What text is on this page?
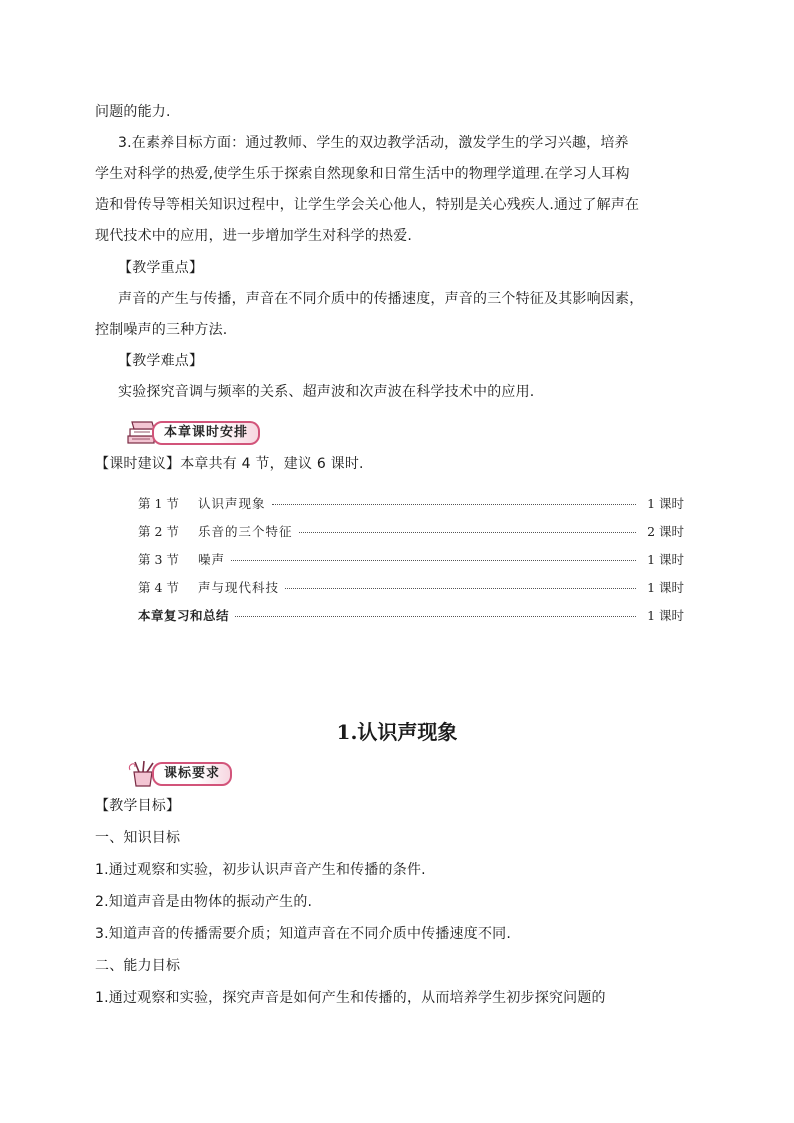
问题的能力.
3.在素养目标方面：通过教师、学生的双边教学活动，激发学生的学习兴趣，培养
学生对科学的热爱,使学生乐于探索自然现象和日常生活中的物理学道理.在学习人耳构
造和骨传导等相关知识过程中，让学生学会关心他人，特别是关心残疾人.通过了解声在
现代技术中的应用，进一步增加学生对科学的热爱.
【教学重点】
声音的产生与传播，声音在不同介质中的传播速度，声音的三个特征及其影响因素，
控制噪声的三种方法.
【教学难点】
实验探究音调与频率的关系、超声波和次声波在科学技术中的应用.
本章课时安排
【课时建议】本章共有 4 节，建议 6 课时.
第 1 节	认识声现象	1 课时
第 2 节	乐音的三个特征	2 课时
第 3 节	噪声	1 课时
第 4 节	声与现代科技	1 课时
本章复习和总结	1 课时
1.认识声现象
课标要求
【教学目标】
一、知识目标
1.通过观察和实验，初步认识声音产生和传播的条件.
2.知道声音是由物体的振动产生的.
3.知道声音的传播需要介质；知道声音在不同介质中传播速度不同.
二、能力目标
1.通过观察和实验，探究声音是如何产生和传播的，从而培养学生初步探究问题的
